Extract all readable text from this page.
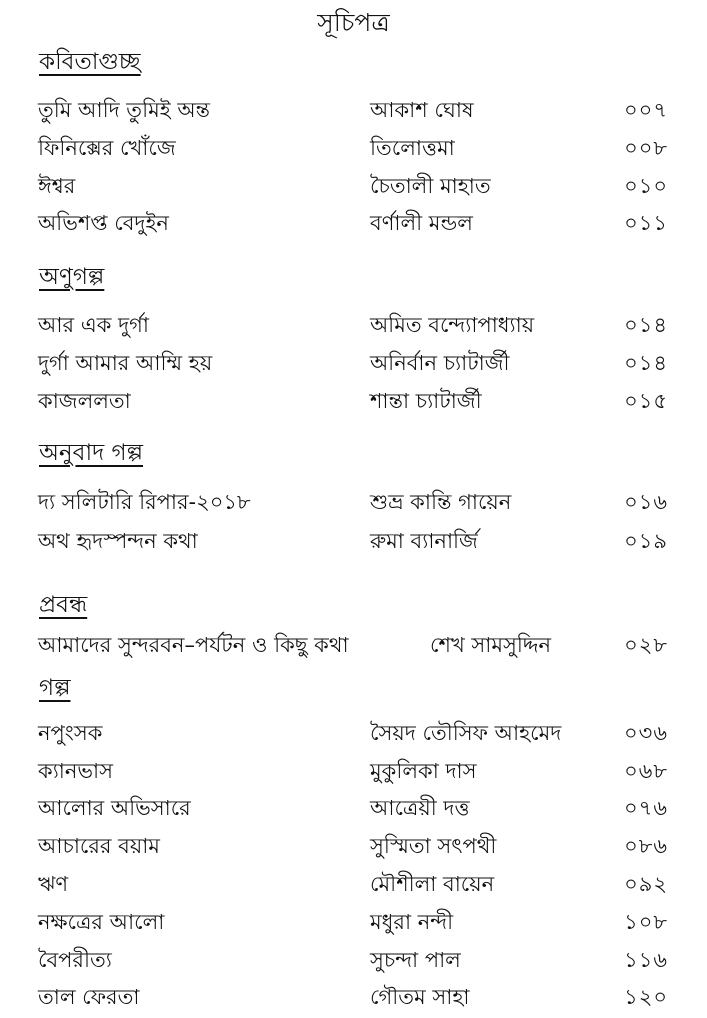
সূচিপত্র
কবিতাগুচ্ছ
তুমি আদি তুমিই অন্ত	আকাশ ঘোষ	০০৭
ফিনিক্সের খোঁজে	তিলোত্তমা	০০৮
ঈশ্বর	চৈতালী মাহাত	০১০
অভিশপ্ত বেদুইন	বর্ণালী মন্ডল	০১১
অণুগল্প
আর এক দুর্গা	অমিত বন্দ্যোপাধ্যায়	০১৪
দুর্গা আমার আম্মি হয়	অনির্বান চ্যাটার্জী	০১৪
কাজললতা	শান্তা চ্যাটার্জী	০১৫
অনুবাদ গল্প
দ্য সলিটারি রিপার-২০১৮	শুভ্র কান্তি গায়েন	০১৬
অথ হৃদস্পন্দন কথা	রুমা ব্যানার্জি	০১৯
প্রবন্ধ
আমাদের সুন্দরবন–পর্যটন ও কিছু কথা	শেখ সামসুদ্দিন	০২৮
গল্প
নপুংসক	সৈয়দ তৌসিফ আহমেদ	০৩৬
ক্যানভাস	মুকুলিকা দাস	০৬৮
আলোর অভিসারে	আত্রেয়ী দত্ত	০৭৬
আচারের বয়াম	সুস্মিতা সৎপথী	০৮৬
ঋণ	মৌশীলা বায়েন	০৯২
নক্ষত্রের আলো	মধুরা নন্দী	১০৮
বৈপরীত্য	সুচন্দা পাল	১১৬
তাল ফেরতা	গৌতম সাহা	১২০
